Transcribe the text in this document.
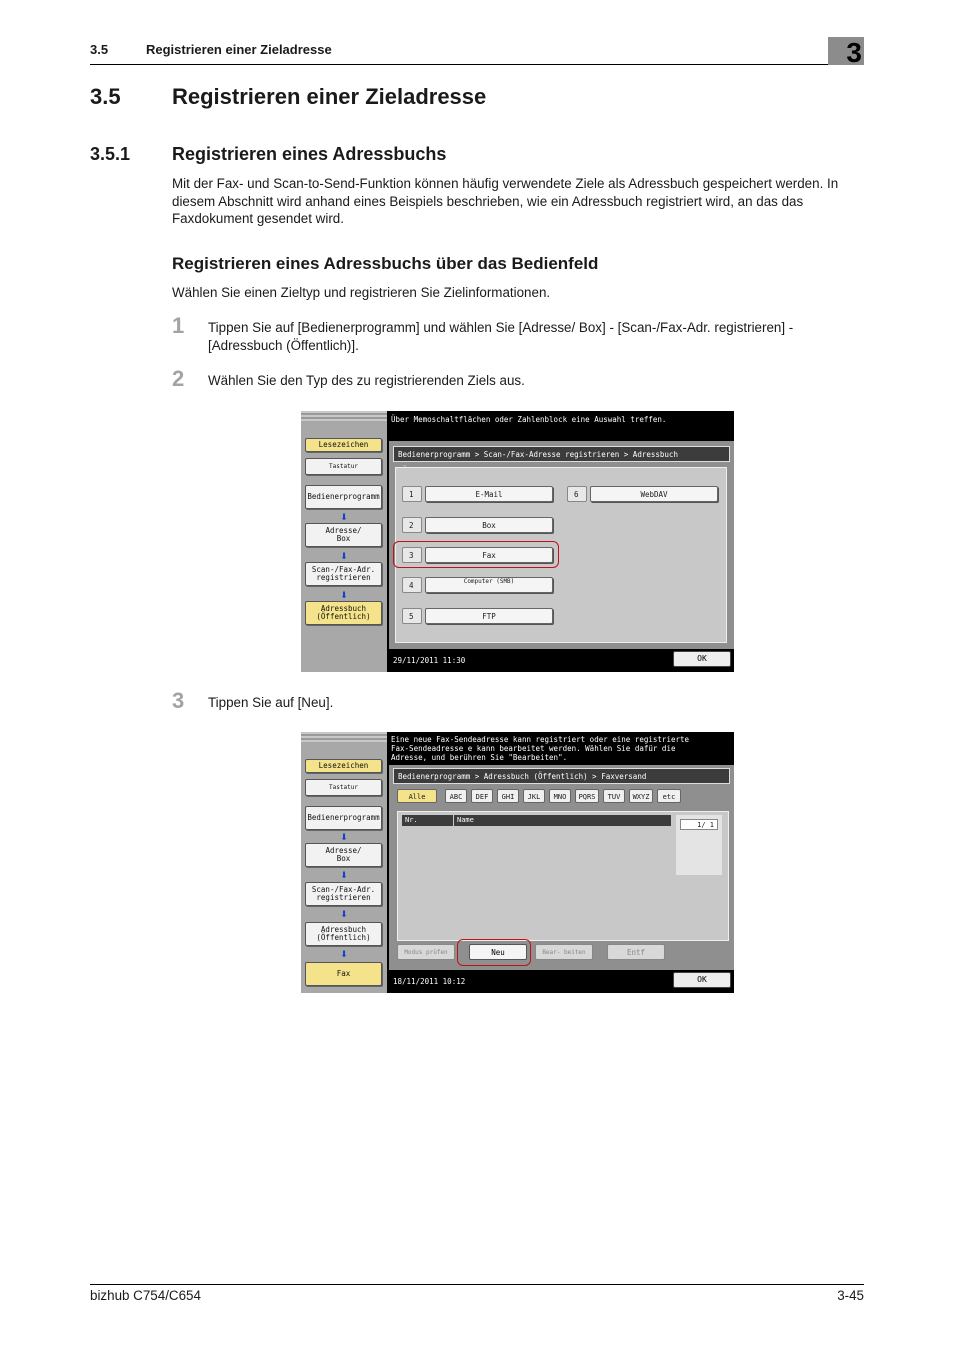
3.5	Registrieren einer Zieladresse	3
3.5 Registrieren einer Zieladresse
3.5.1 Registrieren eines Adressbuchs
Mit der Fax- und Scan-to-Send-Funktion können häufig verwendete Ziele als Adressbuch gespeichert werden. In diesem Abschnitt wird anhand eines Beispiels beschrieben, wie ein Adressbuch registriert wird, an das das Faxdokument gesendet wird.
Registrieren eines Adressbuchs über das Bedienfeld
Wählen Sie einen Zieltyp und registrieren Sie Zielinformationen.
1 Tippen Sie auf [Bedienerprogramm] und wählen Sie [Adresse/ Box] - [Scan-/Fax-Adr. registrieren] - [Adressbuch (Öffentlich)].
2 Wählen Sie den Typ des zu registrierenden Ziels aus.
Lesezeichen
Tastatur
Bedienerprogramm
⬇
Adresse/
Box
⬇
Scan-/Fax-Adr.
registrieren
⬇
Adressbuch
(Öffentlich)
Über Memoschaltflächen oder Zahlenblock eine Auswahl treffen.
Bedienerprogramm > Scan-/Fax-Adresse registrieren > Adressbuch
1	E-Mail
2	Box
3	Fax
4	Computer (SMB)
5	FTP
6	WebDAV
29/11/2011 11:30	OK
3 Tippen Sie auf [Neu].
Lesezeichen
Tastatur
Bedienerprogramm
⬇
Adresse/
Box
⬇
Scan-/Fax-Adr.
registrieren
⬇
Adressbuch
(Öffentlich)
⬇
Fax
Eine neue Fax-Sendeadresse kann registriert oder eine registrierte
Fax-Sendeadresse e kann bearbeitet werden. Wählen Sie dafür die
Adresse, und berühren Sie "Bearbeiten".
Bedienerprogramm > Adressbuch (Öffentlich) > Faxversand
Alle	ABC	DEF	GHI	JKL	MNO	PQRS	TUV	WXYZ	etc
Nr.	Name
1/ 1
Modus prüfen	Neu	Bear- beiten	Entf
18/11/2011 10:12	OK
bizhub C754/C654	3-45
